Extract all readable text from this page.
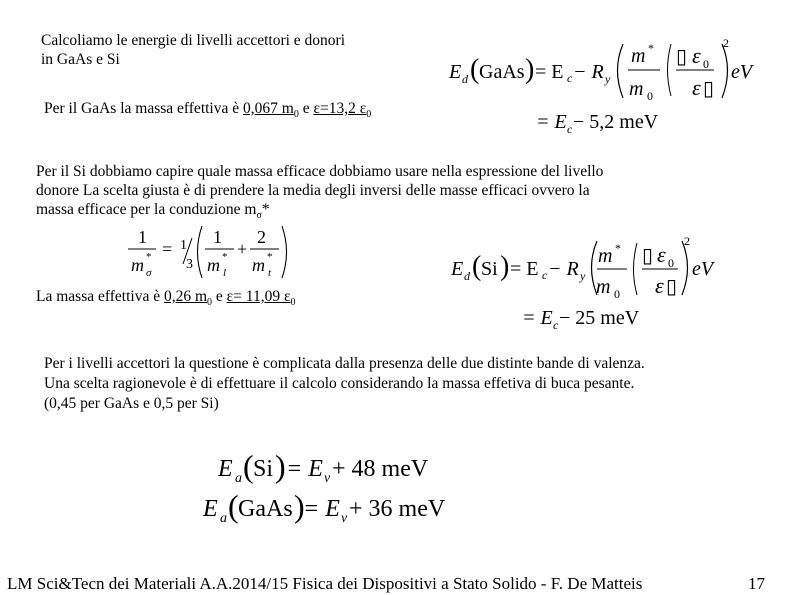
Calcoliamo le energie di livelli accettori e donori
in GaAs e Si
Per il GaAs la massa effettiva è 0,067 $m_0$ e ε=13,2 $\varepsilon_0$
Per il Si dobbiamo capire quale massa efficace dobbiamo usare nella espressione del livello
donore La scelta giusta è di prendere la media degli inversi delle masse efficaci ovvero la
massa efficace per la conduzione $m_\sigma*$
La massa effettiva è 0,26 $m_0$ e ε= 11,09 $\varepsilon_0$
Per i livelli accettori la questione è complicata dalla presenza delle due distinte bande di valenza.
Una scelta ragionevole è di effettuare il calcolo considerando la massa effetiva di buca pesante.
(0,45 per GaAs e 0,5 per Si)
E d ( GaAs ) = E c − R y
m *
m 0
▯ ε 0
ε ▯
2
eV
= E c − 5,2 meV
1
m *
σ
= 1
3
1
m *
l
+
2
m *
t	E d ( Si ) = E c − R y
m *
m 0
▯ ε 0
ε ▯
2
eV
= E c − 25 meV
E a ( Si ) = E v + 48 meV
E a ( GaAs )
= E v + 36 meV
LM Sci&Tecn dei Materiali A.A.2014/15 Fisica dei Dispositivi a Stato Solido - F. De Matteis	17
